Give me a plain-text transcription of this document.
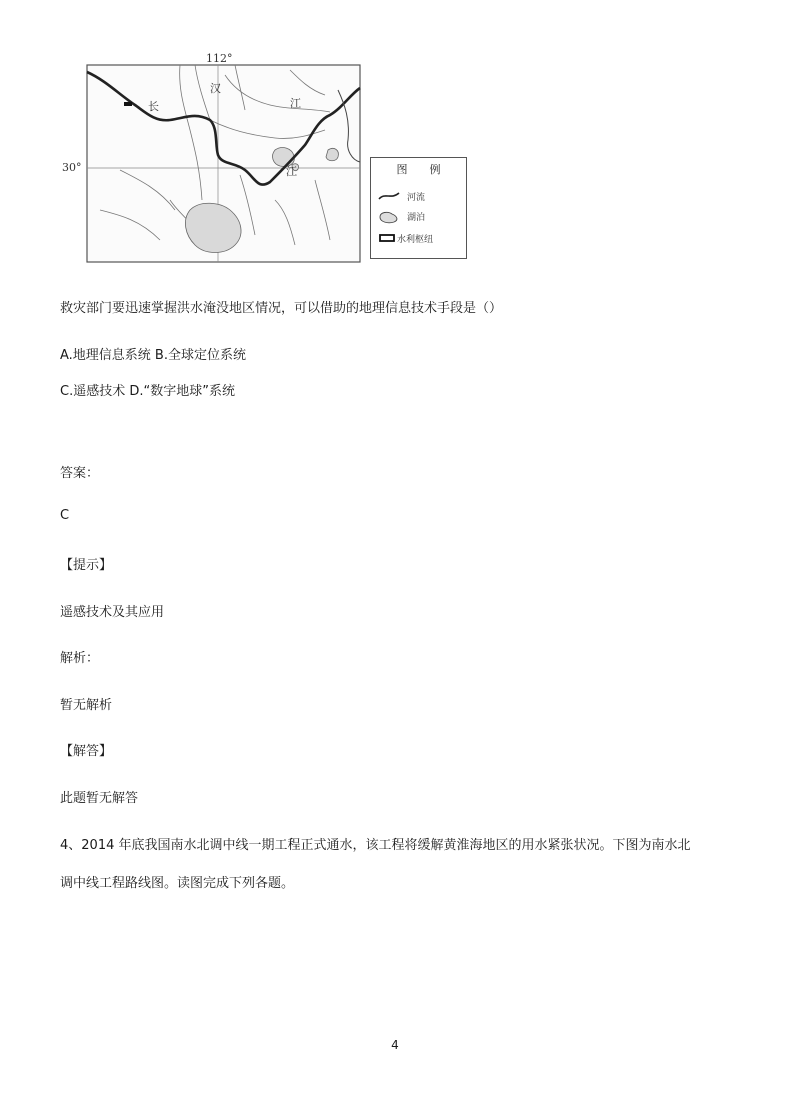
112°
30°
长
汉
江
江	图例
河流
湖泊
水利枢纽
救灾部门要迅速掌握洪水淹没地区情况，可以借助的地理信息技术手段是（）
A.地理信息系统 B.全球定位系统
C.遥感技术 D.“数字地球”系统
答案：
C
【提示】
遥感技术及其应用
解析：
暂无解析
【解答】
此题暂无解答
4、2014 年底我国南水北调中线一期工程正式通水，该工程将缓解黄淮海地区的用水紧张状况。下图为南水北
调中线工程路线图。读图完成下列各题。
4
